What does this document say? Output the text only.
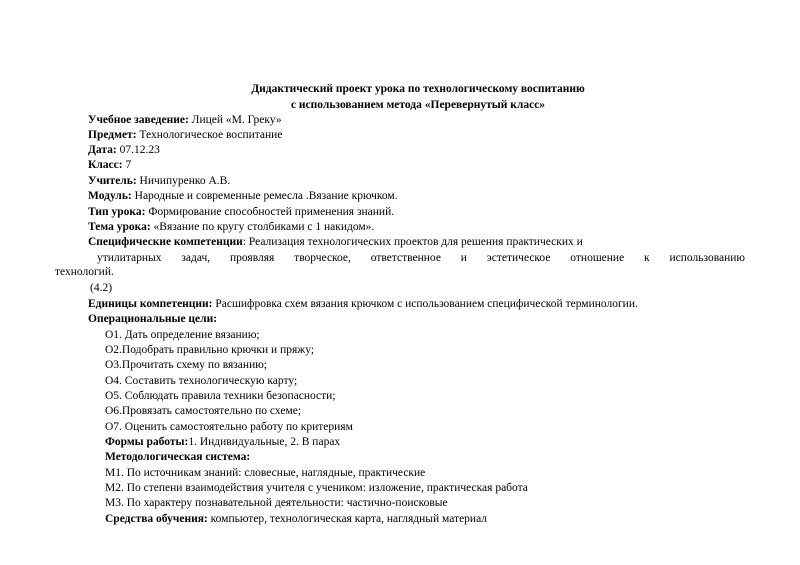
Дидактический проект урока по технологическому воспитанию
с использованием метода «Перевернутый класс»
Учебное заведение: Лицей «М. Греку»
Предмет: Технологическое воспитание
Дата: 07.12.23
Класс: 7
Учитель: Ничипуренко А.В.
Модуль: Народные и современные ремесла .Вязание крючком.
Тип урока: Формирование способностей применения знаний.
Тема урока: «Вязание по кругу столбиками с 1 накидом».
Специфические компетенции: Реализация технологических проектов для решения практических и
утилитарных задач, проявляя творческое, ответственное и эстетическое отношение к использованию
технологий.
(4.2)
Единицы компетенции: Расшифровка схем вязания крючком с использованием специфической терминологии.
Операциональные цели:
О1. Дать определение вязанию;
О2.Подобрать правильно крючки и пряжу;
О3.Прочитать схему по вязанию;
О4. Составить технологическую карту;
О5. Соблюдать правила техники безопасности;
О6.Провязать самостоятельно по схеме;
О7. Оценить самостоятельно работу по критериям
Формы работы:1. Индивидуальные, 2. В парах
Методологическая система:
М1. По источникам знаний: словесные, наглядные, практические
М2. По степени взаимодействия учителя с учеником: изложение, практическая работа
М3. По характеру познавательной деятельности: частично-поисковые
Средства обучения: компьютер, технологическая карта, наглядный материал
